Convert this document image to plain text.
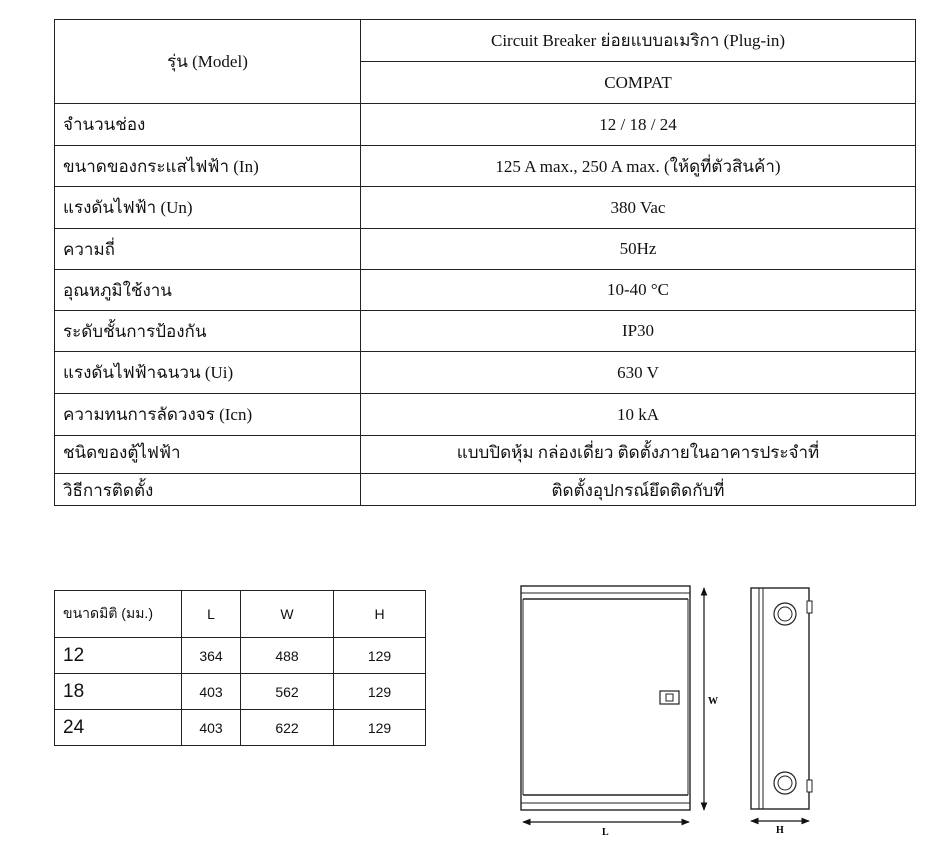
รุ่น (Model)	Circuit Breaker ย่อยแบบอเมริกา (Plug-in)
	COMPAT
จำนวนช่อง	12 / 18 / 24
ขนาดของกระแสไฟฟ้า (In)	125 A max., 250 A max. (ให้ดูที่ตัวสินค้า)
แรงดันไฟฟ้า (Un)	380 Vac
ความถี่	50Hz
อุณหภูมิใช้งาน	10-40 °C
ระดับชั้นการป้องกัน	IP30
แรงดันไฟฟ้าฉนวน (Ui)	630 V
ความทนการลัดวงจร (Icn)	10 kA
ชนิดของตู้ไฟฟ้า	แบบปิดหุ้ม กล่องเดี่ยว ติดตั้งภายในอาคารประจำที่
วิธีการติดตั้ง	ติดตั้งอุปกรณ์ยึดติดกับที่
ขนาดมิติ (มม.)	L	W	H
12	364	488	129
18	403	562	129
24	403	622	129
W
L	H
